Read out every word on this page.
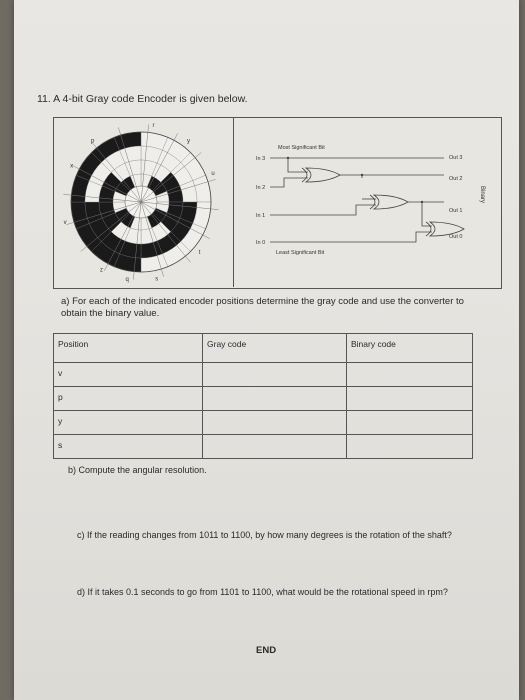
11. A 4-bit Gray code Encoder is given below.
r
p	y
x
u
v
t
s
z
q
Binary
Most Significant Bit
Least Significant Bit
In 3
In 2
In 1
In 0
Out 3
Out 2
Out 1
Out 0
a) For each of the indicated encoder positions determine the gray code and use the converter to obtain the binary value.
Position	Gray code	Binary code
v		
p		
y		
s		
b) Compute the angular resolution.
c) If the reading changes from 1011 to 1100, by how many degrees is the rotation of the shaft?
d) If it takes 0.1 seconds to go from 1101 to 1100, what would be the rotational speed in rpm?
END
